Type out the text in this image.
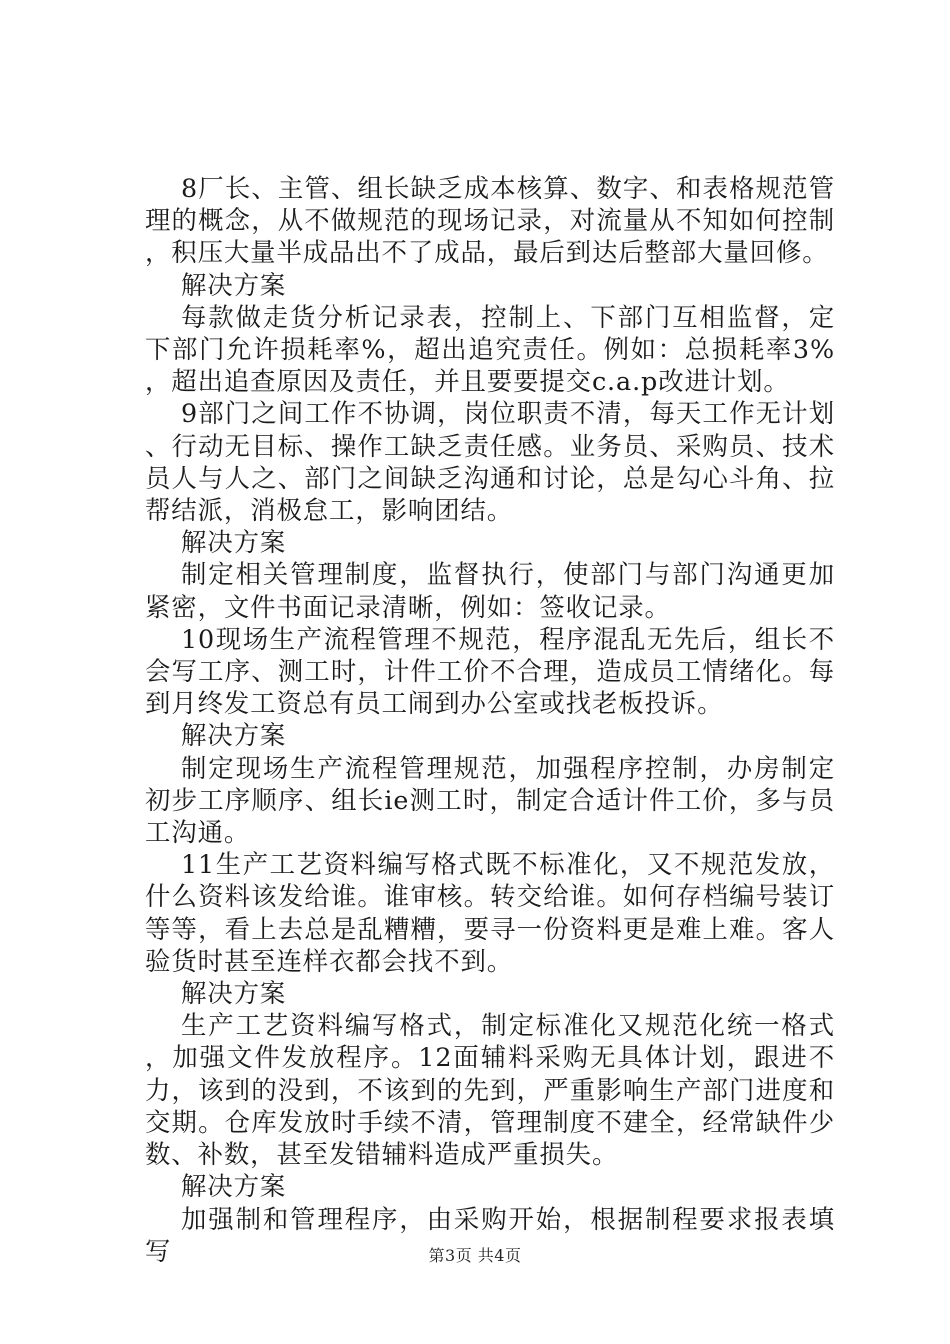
8厂长、主管、组长缺乏成本核算、数字、和表格规范管理的概念，从不做规范的现场记录，对流量从不知如何控制，积压大量半成品出不了成品，最后到达后整部大量回修。

解决方案

每款做走货分析记录表，控制上、下部门互相监督，定下部门允许损耗率%，超出追究责任。例如：总损耗率3%，超出追查原因及责任，并且要要提交c.a.p改进计划。

9部门之间工作不协调，岗位职责不清，每天工作无计划、行动无目标、操作工缺乏责任感。业务员、采购员、技术员人与人之、部门之间缺乏沟通和讨论，总是勾心斗角、拉帮结派，消极怠工，影响团结。

解决方案

制定相关管理制度，监督执行，使部门与部门沟通更加紧密，文件书面记录清晰，例如：签收记录。

10现场生产流程管理不规范，程序混乱无先后，组长不会写工序、测工时，计件工价不合理，造成员工情绪化。每到月终发工资总有员工闹到办公室或找老板投诉。

解决方案

制定现场生产流程管理规范，加强程序控制，办房制定初步工序顺序、组长ie测工时，制定合适计件工价，多与员工沟通。

11生产工艺资料编写格式既不标准化，又不规范发放，什么资料该发给谁。谁审核。转交给谁。如何存档编号装订等等，看上去总是乱糟糟，要寻一份资料更是难上难。客人验货时甚至连样衣都会找不到。

解决方案

生产工艺资料编写格式，制定标准化又规范化统一格式，加强文件发放程序。12面辅料采购无具体计划，跟进不力，该到的没到，不该到的先到，严重影响生产部门进度和交期。仓库发放时手续不清，管理制度不建全，经常缺件少数、补数，甚至发错辅料造成严重损失。

解决方案

加强制和管理程序，由采购开始，根据制程要求报表填写	第3页 共4页
